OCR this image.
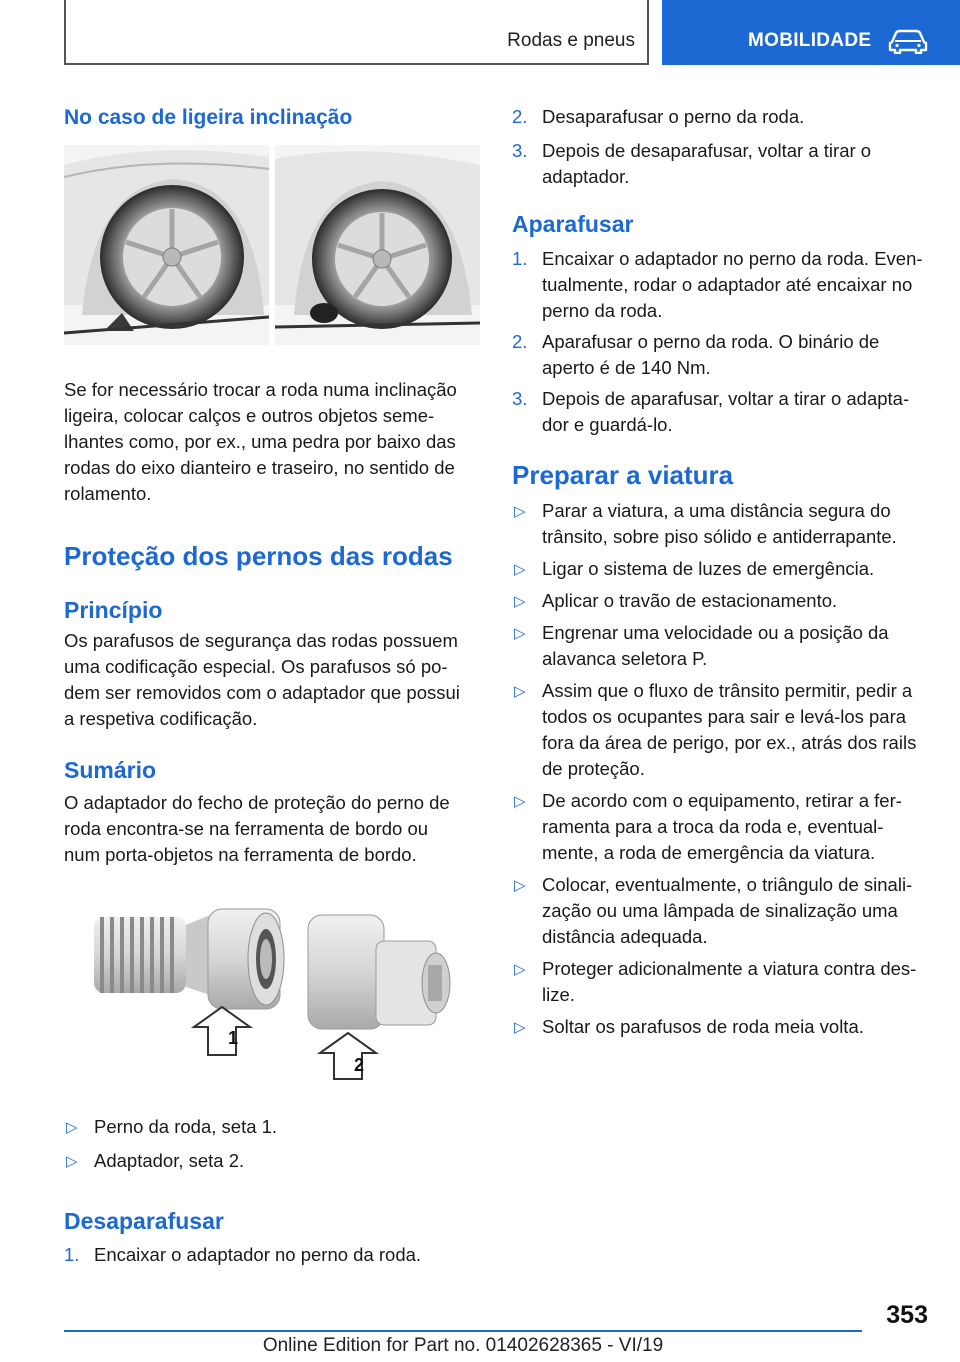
Rodas e pneus	MOBILIDADE
No caso de ligeira inclinação

Se for necessário trocar a roda numa inclinação
ligeira, colocar calços e outros objetos seme-
lhantes como, por ex., uma pedra por baixo das
rodas do eixo dianteiro e traseiro, no sentido de
rolamento.

Proteção dos pernos das rodas
Princípio

Os parafusos de segurança das rodas possuem
uma codificação especial. Os parafusos só po-
dem ser removidos com o adaptador que possui
a respetiva codificação.

Sumário

O adaptador do fecho de proteção do perno de
roda encontra-se na ferramenta de bordo ou
num porta-objetos na ferramenta de bordo.

1
2
▷ Perno da roda, seta 1.
▷ Adaptador, seta 2.
Desaparafusar
1. Encaixar o adaptador no perno da roda.
2. Desaparafusar o perno da roda.
3. Depois de desaparafusar, voltar a tirar o
adaptador.
Aparafusar
1. Encaixar o adaptador no perno da roda. Even-
tualmente, rodar o adaptador até encaixar no
perno da roda.
2. Aparafusar o perno da roda. O binário de
aperto é de 140 Nm.
3. Depois de aparafusar, voltar a tirar o adapta-
dor e guardá-lo.
Preparar a viatura
▷ Parar a viatura, a uma distância segura do
trânsito, sobre piso sólido e antiderrapante.
▷ Ligar o sistema de luzes de emergência.
▷ Aplicar o travão de estacionamento.
▷ Engrenar uma velocidade ou a posição da
alavanca seletora P.
▷ Assim que o fluxo de trânsito permitir, pedir a
todos os ocupantes para sair e levá-los para
fora da área de perigo, por ex., atrás dos rails
de proteção.
▷ De acordo com o equipamento, retirar a fer-
ramenta para a troca da roda e, eventual-
mente, a roda de emergência da viatura.
▷ Colocar, eventualmente, o triângulo de sinali-
zação ou uma lâmpada de sinalização uma
distância adequada.
▷ Proteger adicionalmente a viatura contra des-
lize.
▷ Soltar os parafusos de roda meia volta.
353
Online Edition for Part no. 01402628365 - VI/19
